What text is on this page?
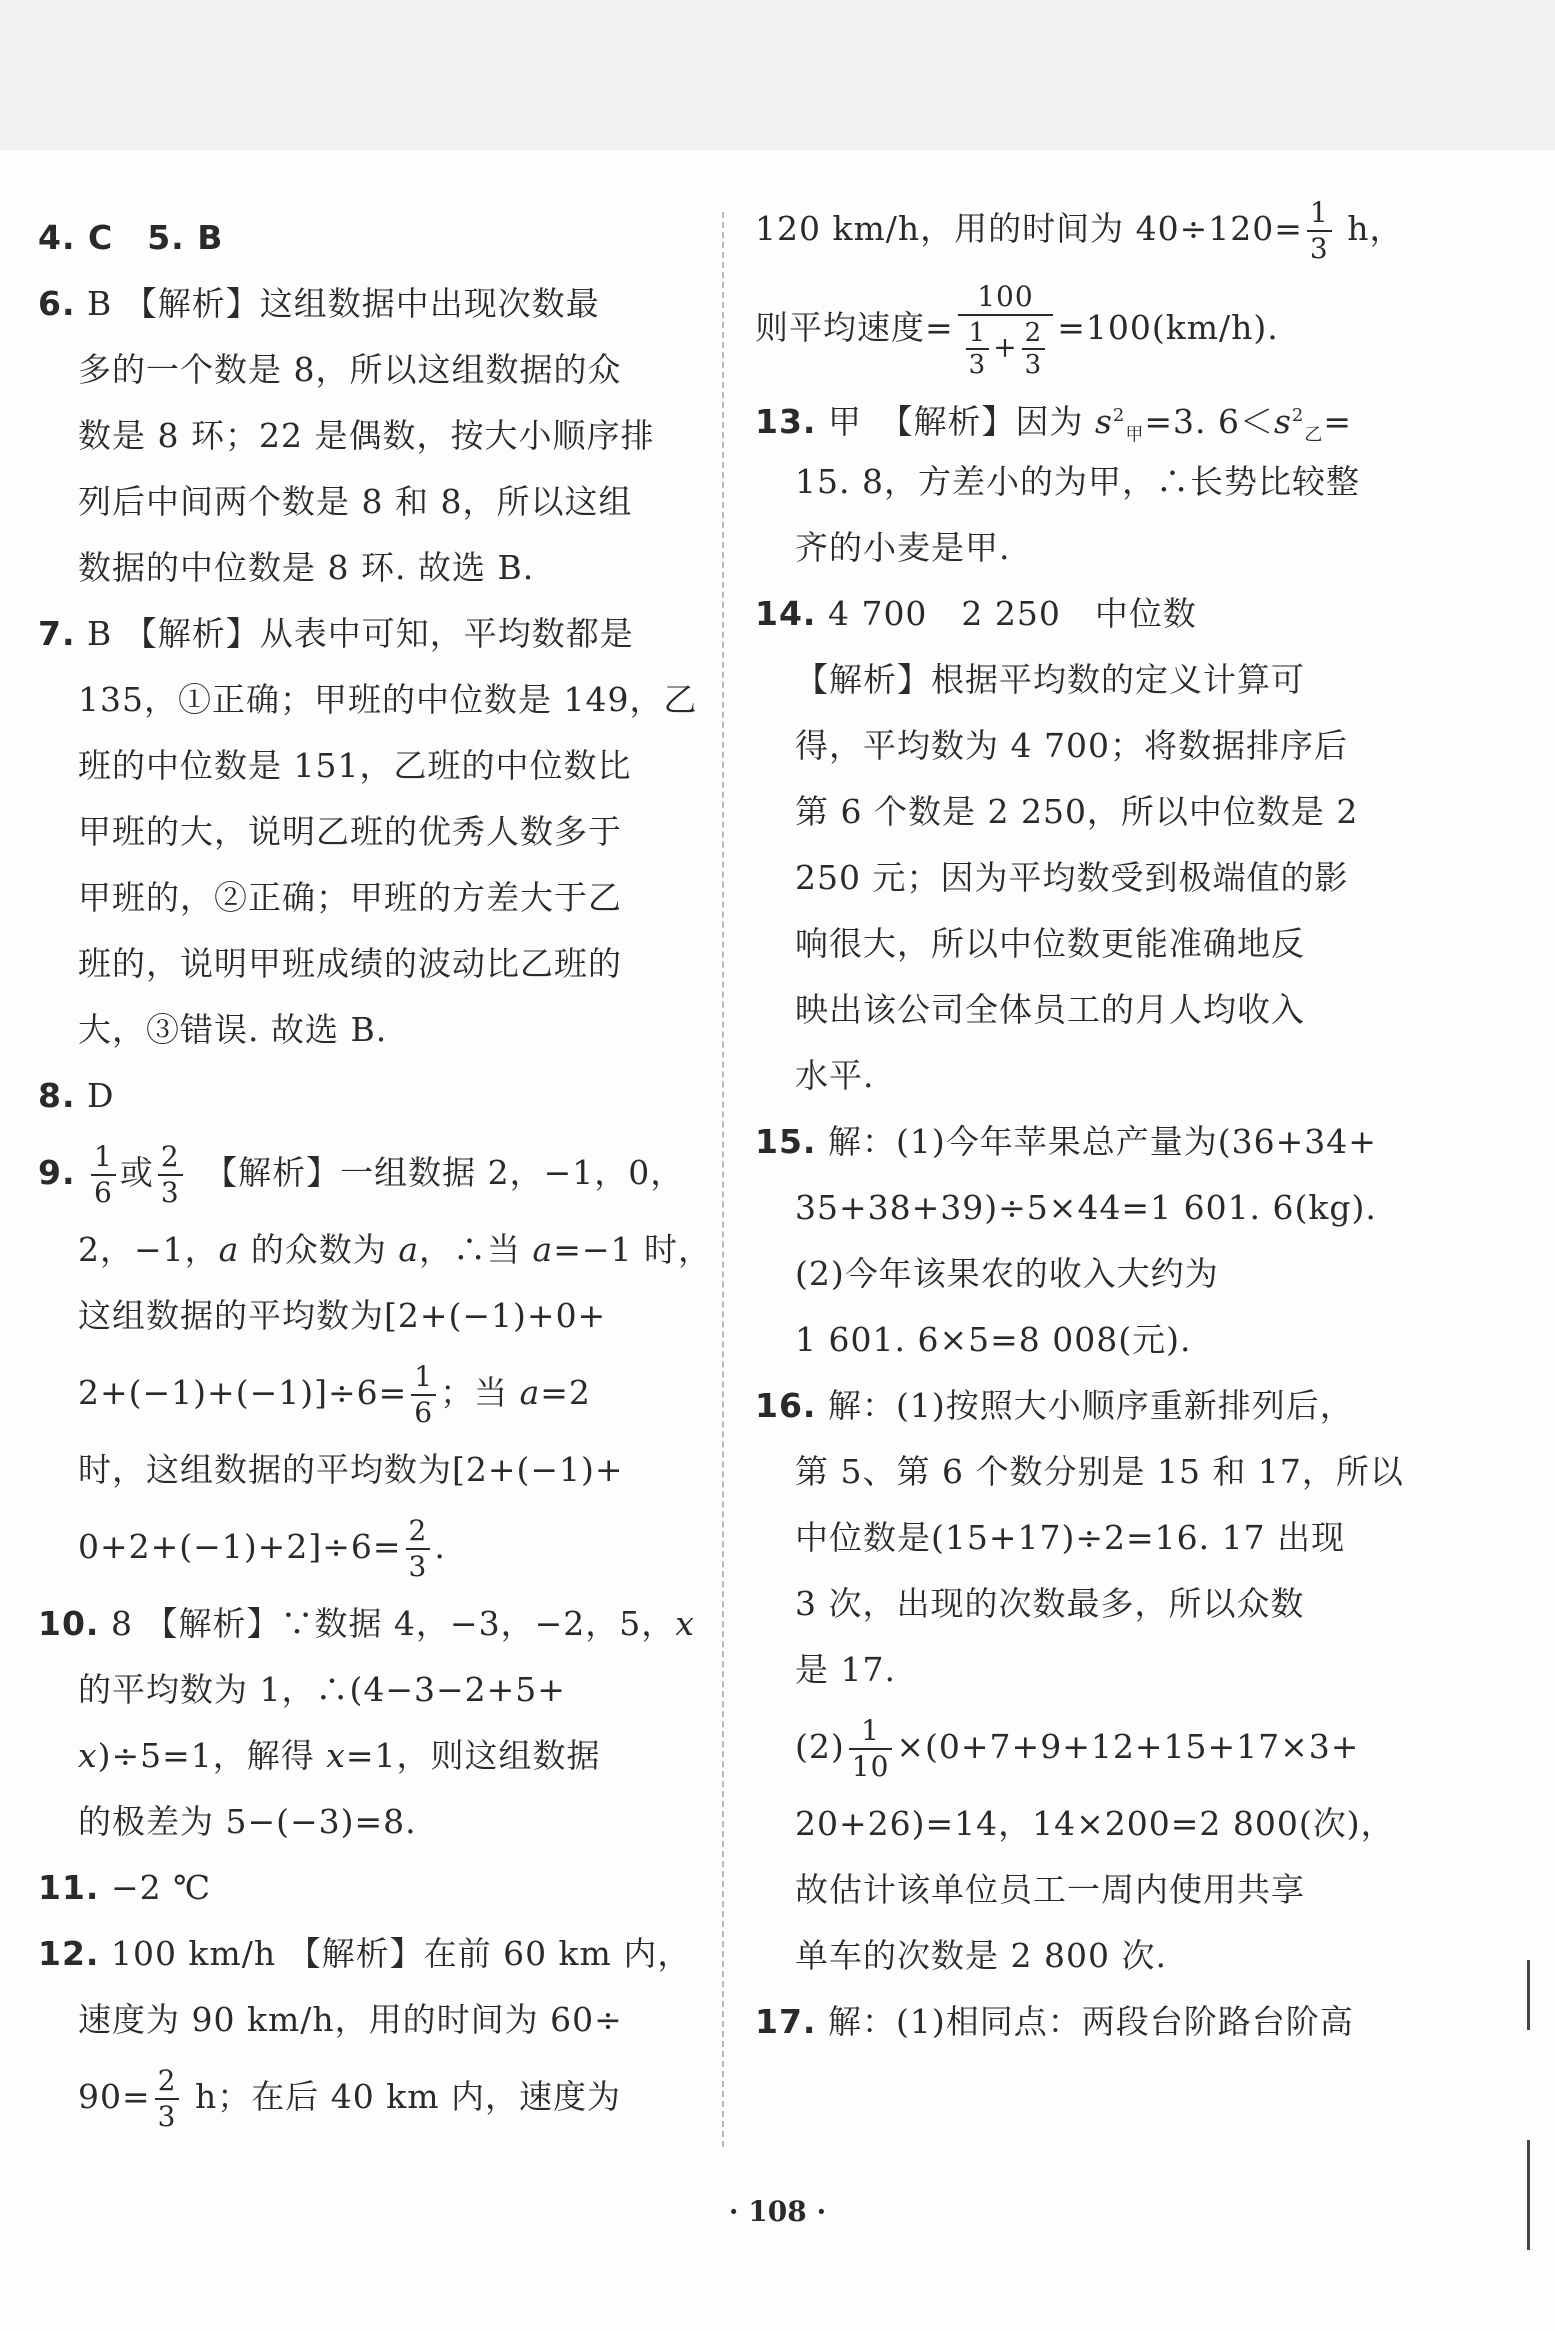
4. C　5. B
6. B 【解析】这组数据中出现次数最
多的一个数是 8，所以这组数据的众
数是 8 环；22 是偶数，按大小顺序排
列后中间两个数是 8 和 8，所以这组
数据的中位数是 8 环. 故选 B.
7. B 【解析】从表中可知，平均数都是
135，①正确；甲班的中位数是 149，乙
班的中位数是 151，乙班的中位数比
甲班的大，说明乙班的优秀人数多于
甲班的，②正确；甲班的方差大于乙
班的，说明甲班成绩的波动比乙班的
大，③错误. 故选 B.
8. D
9. $\frac{1}{6}$ 或 $\frac{2}{3}$ 　【解析】一组数据 2，−1，0，
2，−1，a 的众数为 a，∴当 a=−1 时，
这组数据的平均数为[2+(−1)+0+
$2+(-1)+(-1)]\div 6= \frac{1}{6}$ ；当 a=2
时，这组数据的平均数为[2+(−1)+
$0+2+(-1)+2]\div 6= \frac{2}{3}$ .
10. 8 【解析】∵数据 4，−3，−2，5，x
的平均数为 1，∴(4−3−2+5+
x)÷5=1，解得 x=1，则这组数据
的极差为 5−(−3)=8.
11. −2 ℃
12. 100 km/h 【解析】在前 60 km 内，
速度为 90 km/h，用的时间为 60÷
$90= \frac{2}{3}$ h；在后 40 km 内，速度为
120 km/h，用的时间为 $40\div 120= \frac{1}{3}$ h，
则平均速度= $\frac{100}{\frac{1}{3} + \frac{2}{3}} =100(km/h)$.
13. 甲　【解析】因为 $s^2_甲=3$. $6<s^2_乙=$
15. 8，方差小的为甲，∴长势比较整
齐的小麦是甲.
14. 4 700　2 250　中位数
【解析】根据平均数的定义计算可
得，平均数为 4 700；将数据排序后
第 6 个数是 2 250，所以中位数是 2
250 元；因为平均数受到极端值的影
响很大，所以中位数更能准确地反
映出该公司全体员工的月人均收入
水平.
15. 解：(1)今年苹果总产量为(36+34+
35+38+39)÷5×44=1 601. 6(kg).
(2)今年该果农的收入大约为
1 601. 6×5=8 008(元).
16. 解：(1)按照大小顺序重新排列后，
第 5、第 6 个数分别是 15 和 17，所以
中位数是(15+17)÷2=16. 17 出现
3 次，出现的次数最多，所以众数
是 17.
$(2) \frac{1}{10} \times(0+7+9+12+15+17\times 3+$
20+26)=14，14×200=2 800(次)，
故估计该单位员工一周内使用共享
单车的次数是 2 800 次.
17. 解：(1)相同点：两段台阶路台阶高
· 108 ·
